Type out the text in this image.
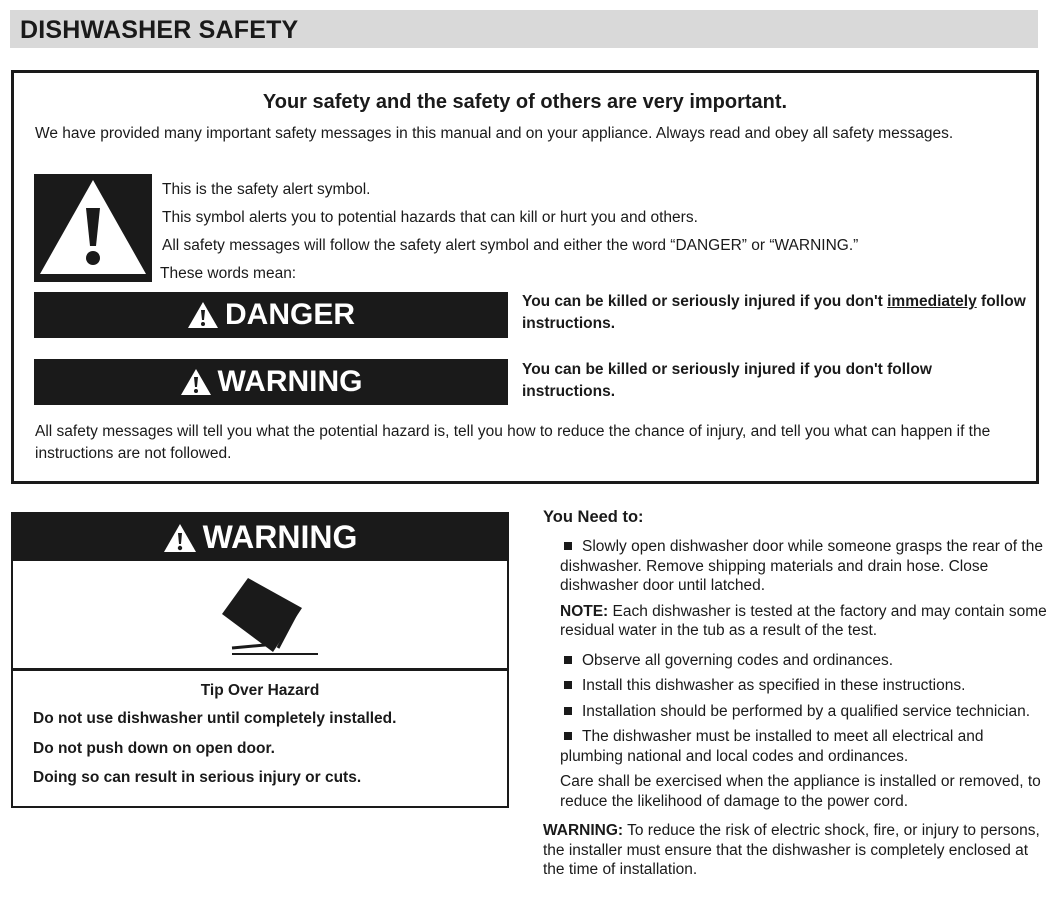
DISHWASHER SAFETY
Your safety and the safety of others are very important.
We have provided many important safety messages in this manual and on your appliance. Always read and obey all safety messages.
This is the safety alert symbol.
This symbol alerts you to potential hazards that can kill or hurt you and others.
All safety messages will follow the safety alert symbol and either the word “DANGER” or “WARNING.”
These words mean:
DANGER	You can be killed or seriously injured if you don't immediately follow instructions.
WARNING	You can be killed or seriously injured if you don't follow instructions.
All safety messages will tell you what the potential hazard is, tell you how to reduce the chance of injury, and tell you what can happen if the instructions are not followed.
WARNING
Tip Over Hazard
Do not use dishwasher until completely installed.
Do not push down on open door.
Doing so can result in serious injury or cuts.
You Need to:
Slowly open dishwasher door while someone grasps the rear of the dishwasher. Remove shipping materials and drain hose. Close dishwasher door until latched.
NOTE: Each dishwasher is tested at the factory and may contain some residual water in the tub as a result of the test.
Observe all governing codes and ordinances.
Install this dishwasher as specified in these instructions.
Installation should be performed by a qualified service technician.
The dishwasher must be installed to meet all electrical and plumbing national and local codes and ordinances.
Care shall be exercised when the appliance is installed or removed, to reduce the likelihood of damage to the power cord.
WARNING: To reduce the risk of electric shock, fire, or injury to persons, the installer must ensure that the dishwasher is completely enclosed at the time of installation.
